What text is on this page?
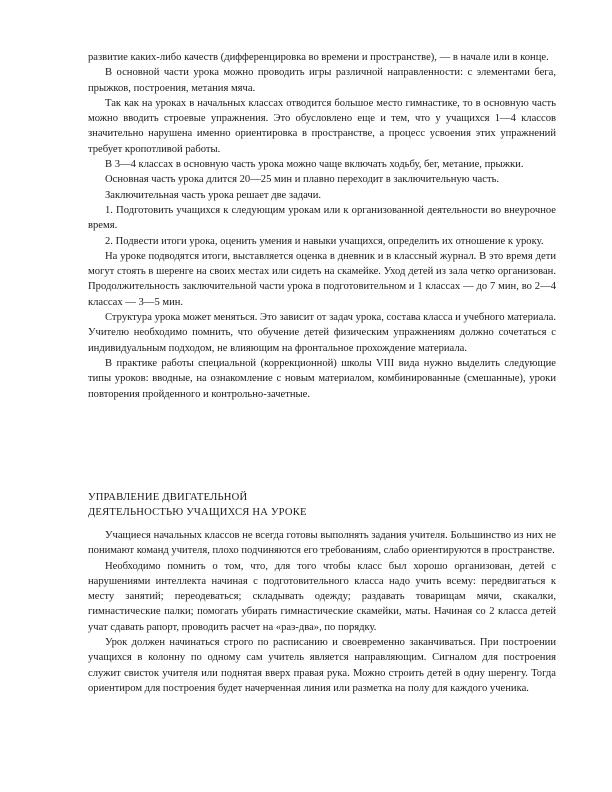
развитие каких-либо качеств (дифференцировка во времени и пространстве), — в начале или в конце.

В основной части урока можно проводить игры различной направленности: с элементами бега, прыжков, построения, метания мяча.

Так как на уроках в начальных классах отводится большое место гимнастике, то в основную часть можно вводить строевые упражнения. Это обусловлено еще и тем, что у учащихся 1—4 классов значительно нарушена именно ориентировка в пространстве, а процесс усвоения этих упражнений требует кропотливой работы.

В 3—4 классах в основную часть урока можно чаще включать ходьбу, бег, метание, прыжки.

Основная часть урока длится 20—25 мин и плавно переходит в заключительную часть.

Заключительная часть урока решает две задачи.

1. Подготовить учащихся к следующим урокам или к организованной деятельности во внеурочное время.

2. Подвести итоги урока, оценить умения и навыки учащихся, определить их отношение к уроку.

На уроке подводятся итоги, выставляется оценка в дневник и в классный журнал. В это время дети могут стоять в шеренге на своих местах или сидеть на скамейке. Уход детей из зала четко организован. Продолжительность заключительной части урока в подготовительном и 1 классах — до 7 мин, во 2—4 классах — 3—5 мин.

Структура урока может меняться. Это зависит от задач урока, состава класса и учебного материала. Учителю необходимо помнить, что обучение детей физическим упражнениям должно сочетаться с индивидуальным подходом, не влияющим на фронтальное прохождение материала.

В практике работы специальной (коррекционной) школы VIII вида нужно выделить следующие типы уроков: вводные, на ознакомление с новым материалом, комбинированные (смешанные), уроки повторения пройденного и контрольно-зачетные.

УПРАВЛЕНИЕ ДВИГАТЕЛЬНОЙ
ДЕЯТЕЛЬНОСТЬЮ УЧАЩИХСЯ НА УРОКЕ

Учащиеся начальных классов не всегда готовы выполнять задания учителя. Большинство из них не понимают команд учителя, плохо подчиняются его требованиям, слабо ориентируются в пространстве.

Необходимо помнить о том, что, для того чтобы класс был хорошо организован, детей с нарушениями интеллекта начиная с подготовительного класса надо учить всему: передвигаться к месту занятий; переодеваться; складывать одежду; раздавать товарищам мячи, скакалки, гимнастические палки; помогать убирать гимнастические скамейки, маты. Начиная со 2 класса детей учат сдавать рапорт, проводить расчет на «раз-два», по порядку.

Урок должен начинаться строго по расписанию и своевременно заканчиваться. При построении учащихся в колонну по одному сам учитель является направляющим. Сигналом для построения служит свисток учителя или поднятая вверх правая рука. Можно строить детей в одну шеренгу. Тогда ориентиром для построения будет начерченная линия или разметка на полу для каждого ученика.
